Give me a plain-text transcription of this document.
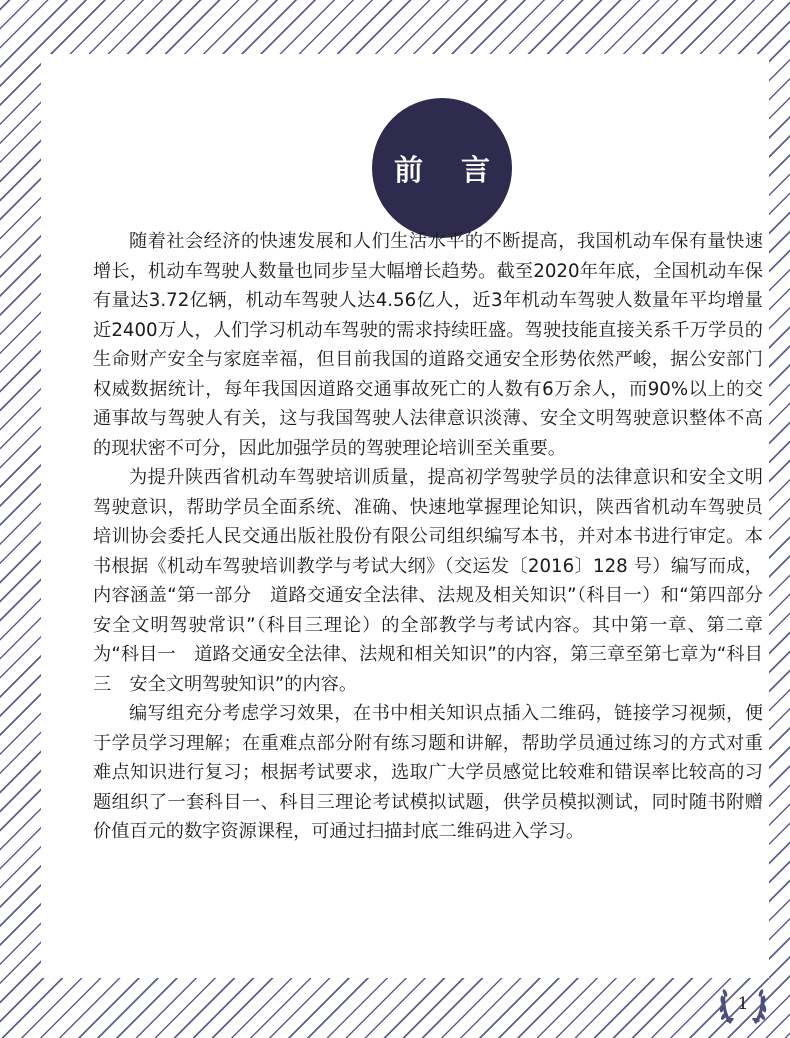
前言

随着社会经济的快速发展和人们生活水平的不断提高，我国机动车保有量快速增长，机动车驾驶人数量也同步呈大幅增长趋势。截至2020年年底，全国机动车保有量达3.72亿辆，机动车驾驶人达4.56亿人，近3年机动车驾驶人数量年平均增量近2400万人，人们学习机动车驾驶的需求持续旺盛。驾驶技能直接关系千万学员的生命财产安全与家庭幸福，但目前我国的道路交通安全形势依然严峻，据公安部门权威数据统计，每年我国因道路交通事故死亡的人数有6万余人，而90%以上的交通事故与驾驶人有关，这与我国驾驶人法律意识淡薄、安全文明驾驶意识整体不高的现状密不可分，因此加强学员的驾驶理论培训至关重要。

为提升陕西省机动车驾驶培训质量，提高初学驾驶学员的法律意识和安全文明驾驶意识，帮助学员全面系统、准确、快速地掌握理论知识，陕西省机动车驾驶员培训协会委托人民交通出版社股份有限公司组织编写本书，并对本书进行审定。本书根据《机动车驾驶培训教学与考试大纲》（交运发〔2016〕128 号）编写而成，内容涵盖“第一部分　道路交通安全法律、法规及相关知识”（科目一）和“第四部分　安全文明驾驶常识”（科目三理论）的全部教学与考试内容。其中第一章、第二章为“科目一　道路交通安全法律、法规和相关知识”的内容，第三章至第七章为“科目三　安全文明驾驶知识”的内容。

编写组充分考虑学习效果，在书中相关知识点插入二维码，链接学习视频，便于学员学习理解；在重难点部分附有练习题和讲解，帮助学员通过练习的方式对重难点知识进行复习；根据考试要求，选取广大学员感觉比较难和错误率比较高的习题组织了一套科目一、科目三理论考试模拟试题，供学员模拟测试，同时随书附赠价值百元的数字资源课程，可通过扫描封底二维码进入学习。

1
